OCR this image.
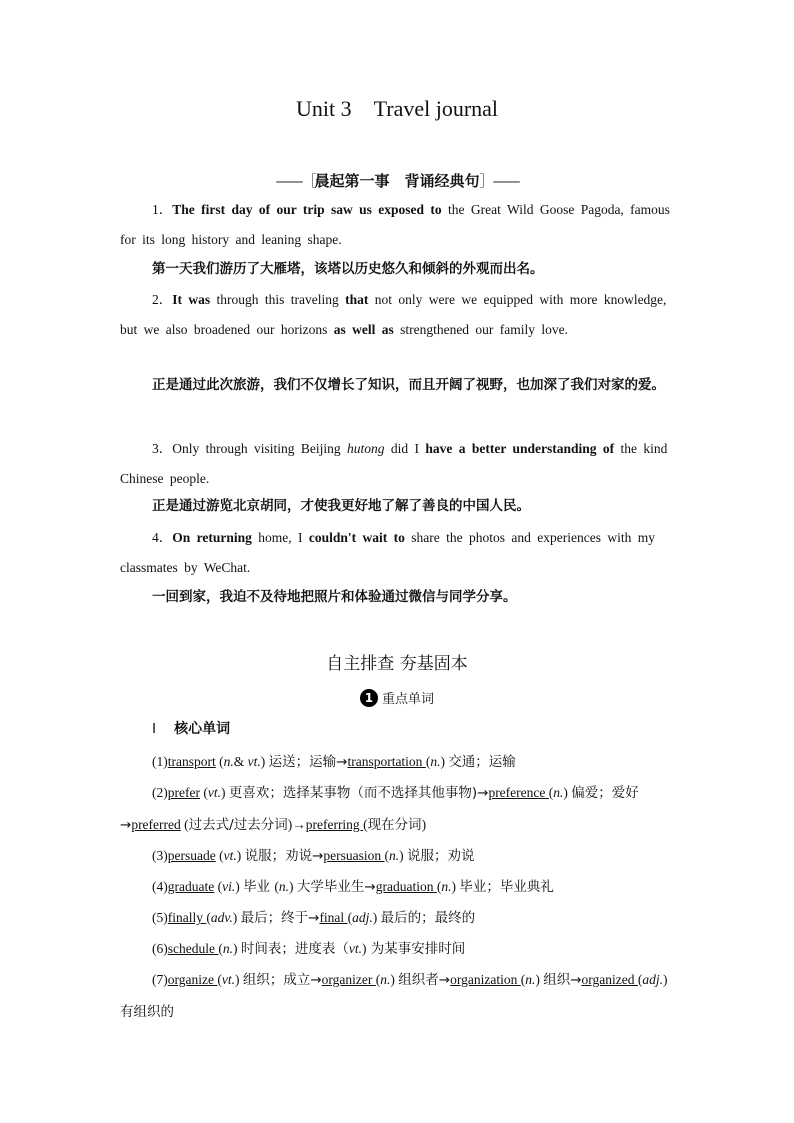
Unit 3 Travel journal
——［晨起第一事　背诵经典句］——
1．The first day of our trip saw us exposed to the Great Wild Goose Pagoda, famous for its long history and leaning shape.
第一天我们游历了大雁塔，该塔以历史悠久和倾斜的外观而出名。
2．It was through this traveling that not only were we equipped with more knowledge, but we also broadened our horizons as well as strengthened our family love.
正是通过此次旅游，我们不仅增长了知识，而且开阔了视野，也加深了我们对家的爱。
3．Only through visiting Beijing hutong did I have a better understanding of the kind Chinese people.
正是通过游览北京胡同，才使我更好地了解了善良的中国人民。
4．On returning home, I couldn't wait to share the photos and experiences with my classmates by WeChat.
一回到家，我迫不及待地把照片和体验通过微信与同学分享。
自主排查 夯基固本
1 重点单词
Ⅰ 核心单词
(1)transport (n.& vt.) 运送；运输→transportation (n.) 交通；运输
(2)prefer (vt.) 更喜欢；选择某事物（而不选择其他事物)→preference (n.) 偏爱；爱好→preferred (过去式/过去分词)→preferring (现在分词)
(3)persuade (vt.) 说服；劝说→persuasion (n.) 说服；劝说
(4)graduate (vi.) 毕业 (n.) 大学毕业生→graduation (n.) 毕业；毕业典礼
(5)finally (adv.) 最后；终于→final (adj.) 最后的；最终的
(6)schedule (n.) 时间表；进度表（vt.) 为某事安排时间
(7)organize (vt.) 组织；成立→organizer (n.) 组织者→organization (n.) 组织→organized (adj.) 有组织的
